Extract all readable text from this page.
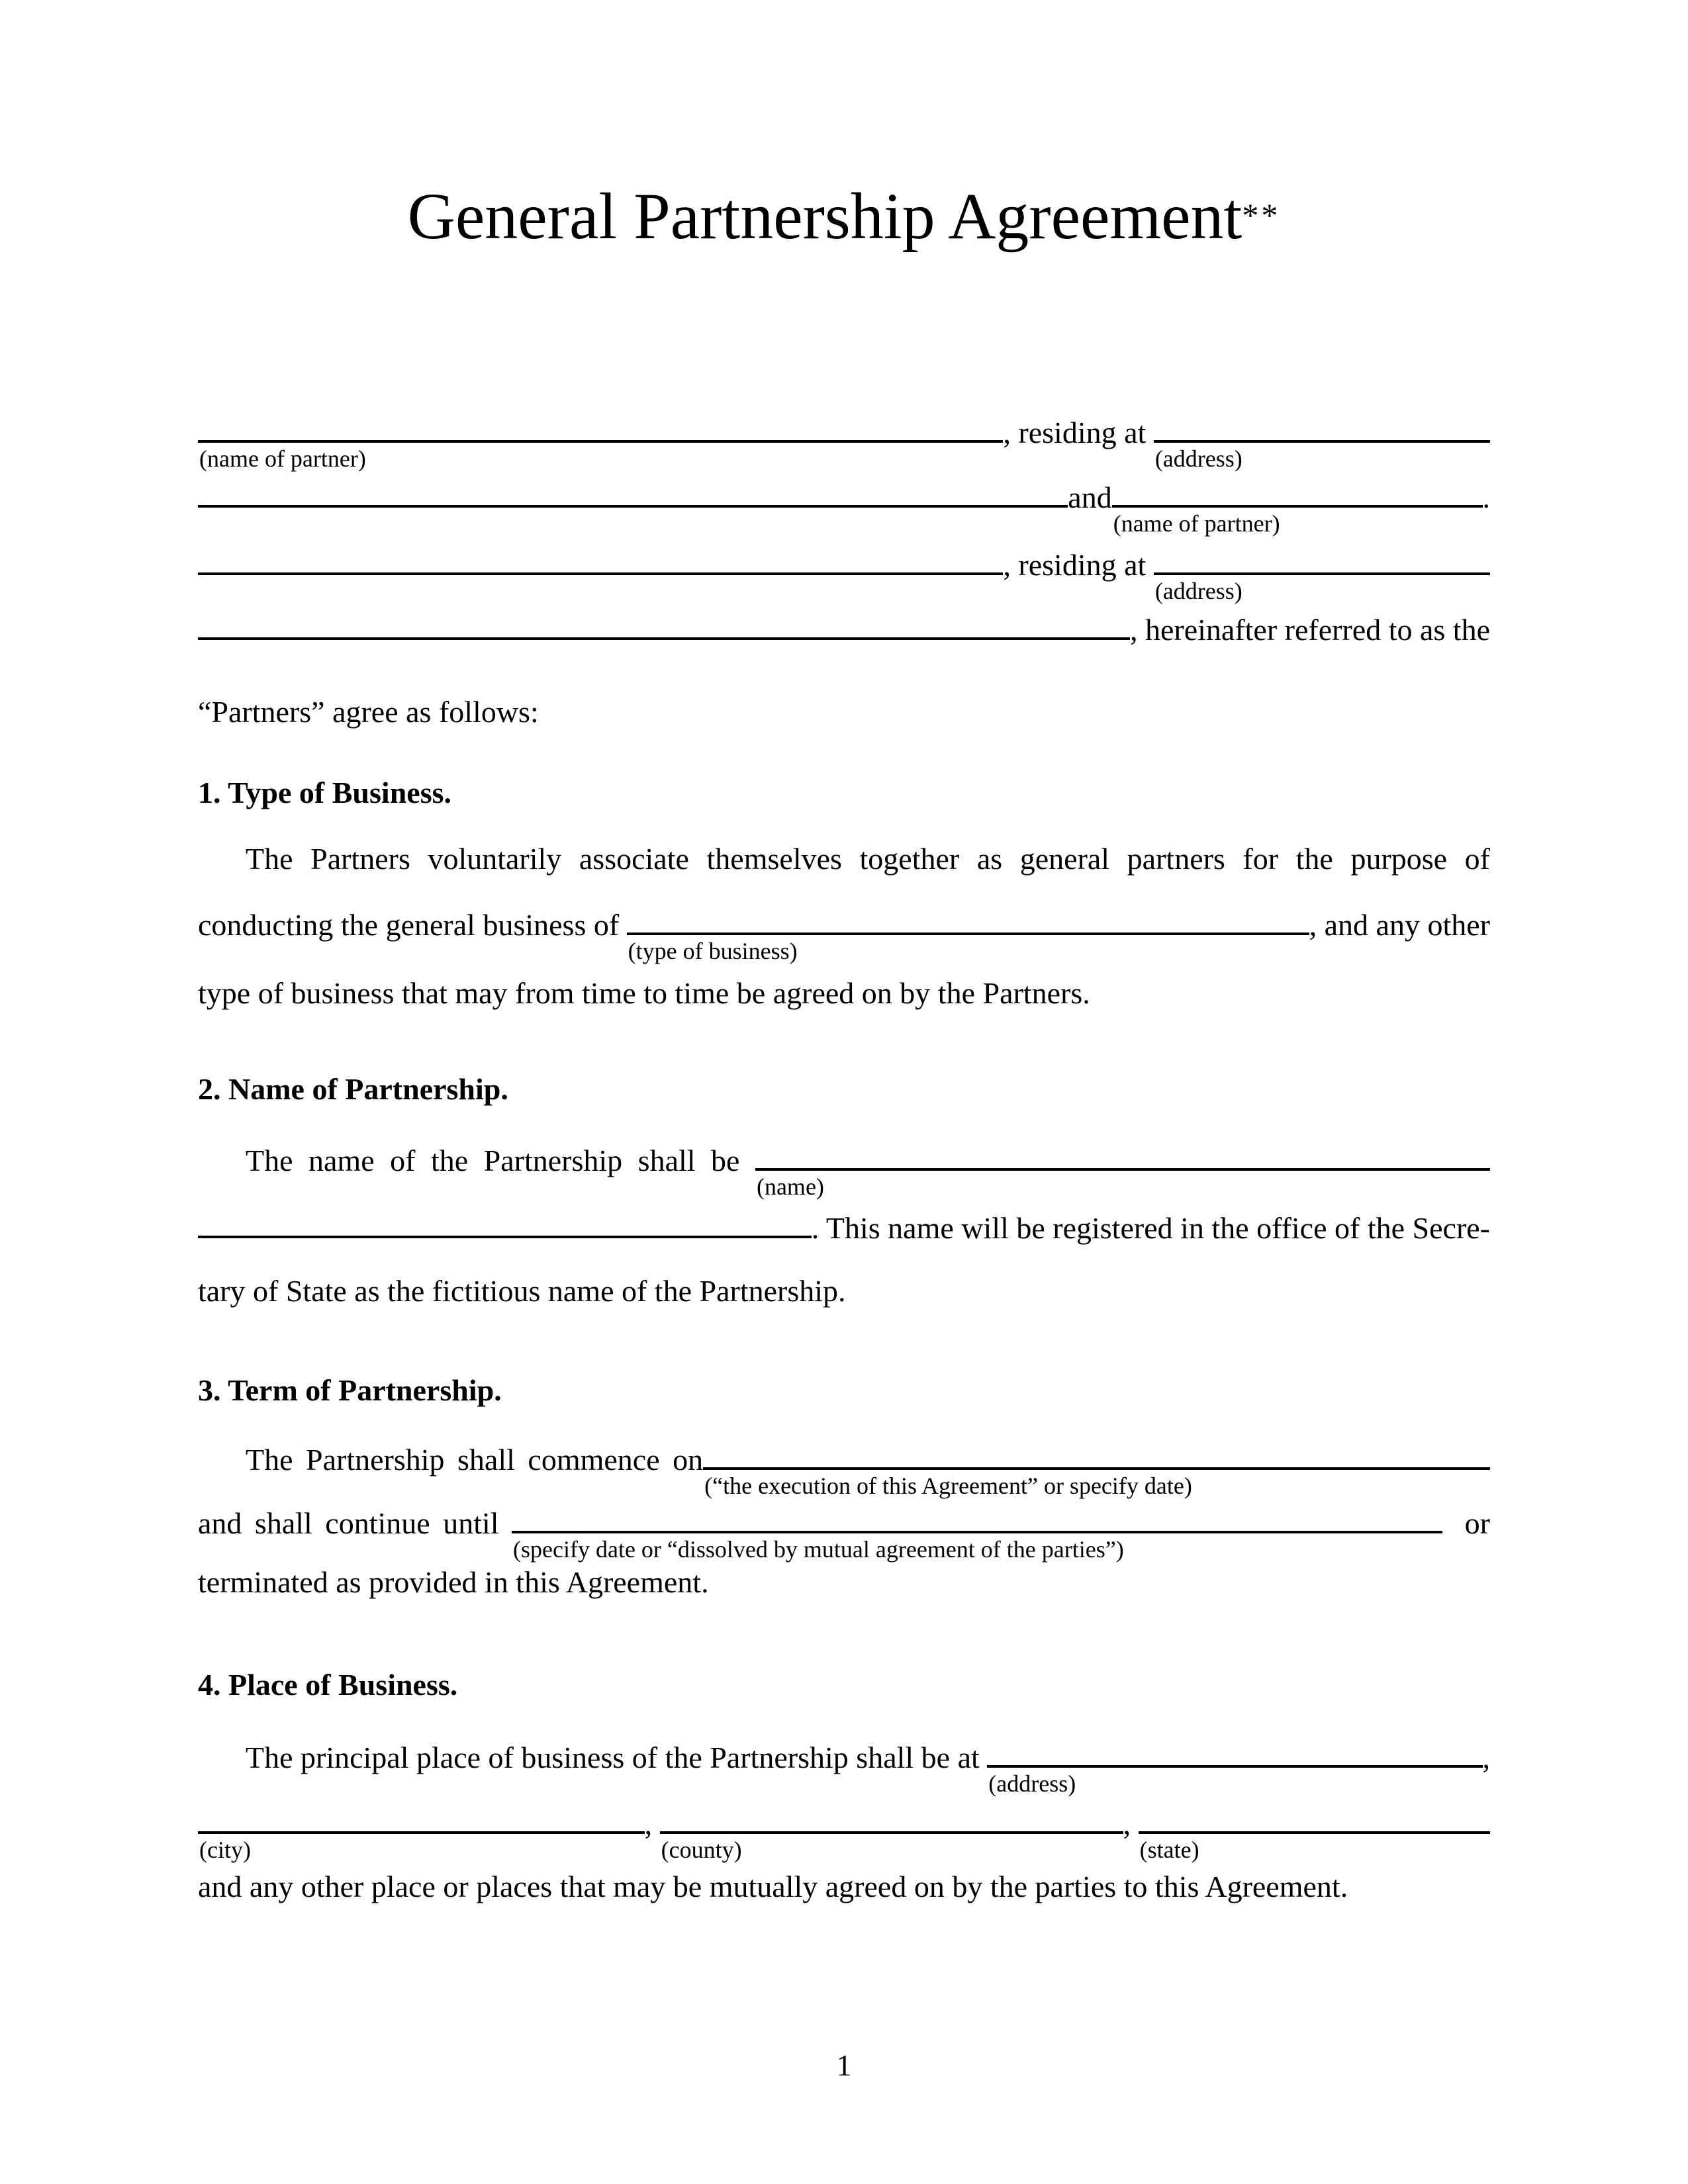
General Partnership Agreement**
(name of partner)
, residing at
(address)
and
(name of partner)
.
, residing at
(address)
, hereinafter referred to as the
“Partners” agree as follows:
1. Type of Business.
The Partners voluntarily associate themselves together as general partners for the purpose of
conducting the general business of
(type of business)
, and any other
type of business that may from time to time be agreed on by the Partners.
2. Name of Partnership.
The name of the Partnership shall be
(name)
. This name will be registered in the office of the Secre-
tary of State as the fictitious name of the Partnership.
3. Term of Partnership.
The Partnership shall commence on
(“the execution of this Agreement” or specify date)
and shall continue until
(specify date or “dissolved by mutual agreement of the parties”)
or
terminated as provided in this Agreement.
4. Place of Business.
The principal place of business of the Partnership shall be at
(address)
,
(city)
,
(county)
,
(state)
and any other place or places that may be mutually agreed on by the parties to this Agreement.
1
